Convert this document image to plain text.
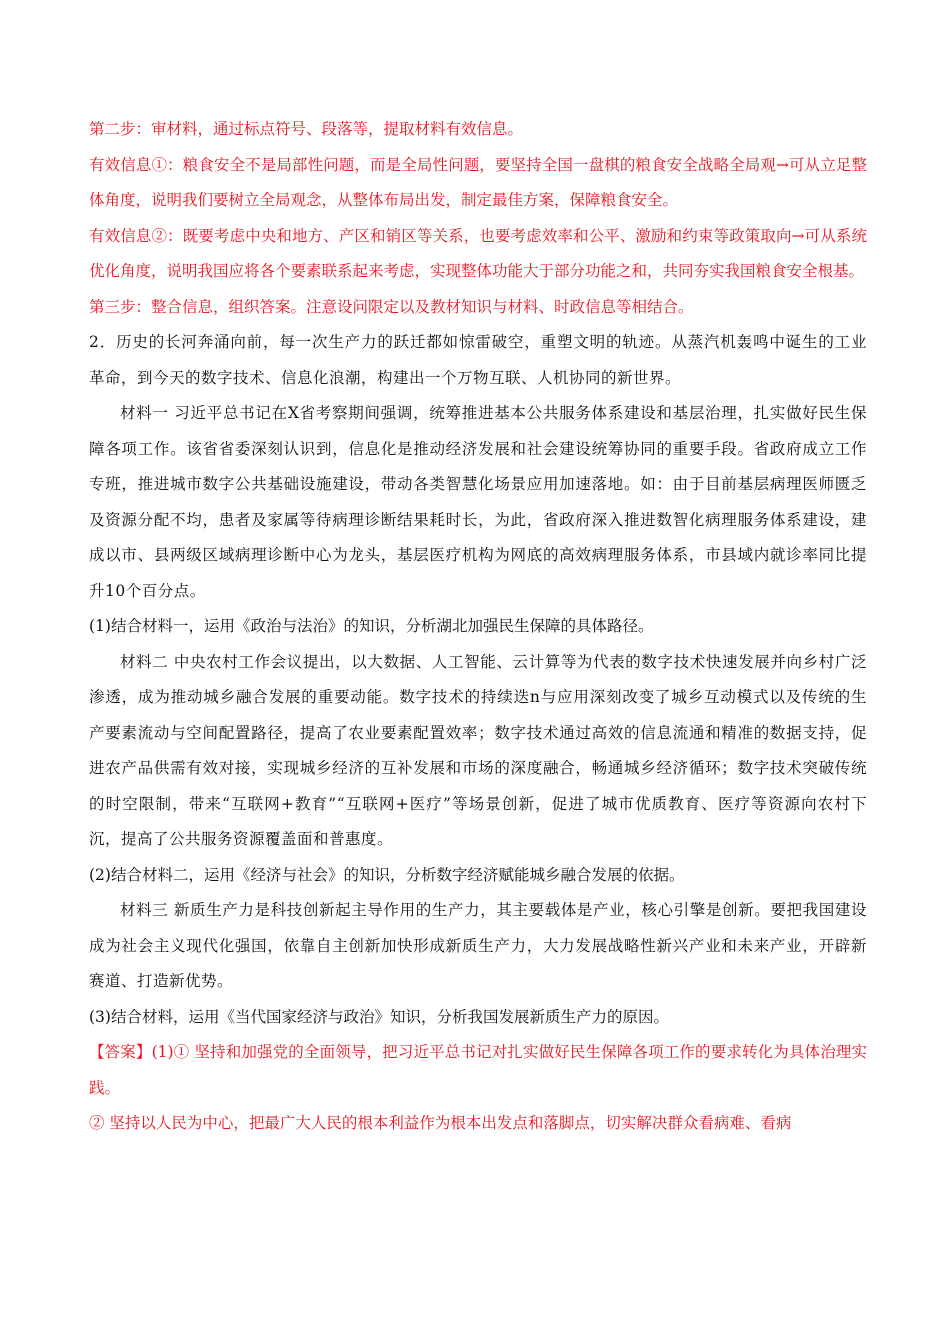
第二步：审材料，通过标点符号、段落等，提取材料有效信息。

有效信息①：粮食安全不是局部性问题，而是全局性问题，要坚持全国一盘棋的粮食安全战略全局观→可从立足整体角度，说明我们要树立全局观念，从整体布局出发，制定最佳方案，保障粮食安全。

有效信息②：既要考虑中央和地方、产区和销区等关系，也要考虑效率和公平、激励和约束等政策取向→可从系统优化角度，说明我国应将各个要素联系起来考虑，实现整体功能大于部分功能之和，共同夯实我国粮食安全根基。

第三步：整合信息，组织答案。注意设问限定以及教材知识与材料、时政信息等相结合。

2．历史的长河奔涌向前，每一次生产力的跃迁都如惊雷破空，重塑文明的轨迹。从蒸汽机轰鸣中诞生的工业革命，到今天的数字技术、信息化浪潮，构建出一个万物互联、人机协同的新世界。

材料一 习近平总书记在X省考察期间强调，统筹推进基本公共服务体系建设和基层治理，扎实做好民生保障各项工作。该省省委深刻认识到，信息化是推动经济发展和社会建设统筹协同的重要手段。省政府成立工作专班，推进城市数字公共基础设施建设，带动各类智慧化场景应用加速落地。如：由于目前基层病理医师匮乏及资源分配不均，患者及家属等待病理诊断结果耗时长，为此，省政府深入推进数智化病理服务体系建设，建成以市、县两级区域病理诊断中心为龙头，基层医疗机构为网底的高效病理服务体系，市县域内就诊率同比提升10个百分点。

(1)结合材料一，运用《政治与法治》的知识，分析湖北加强民生保障的具体路径。

材料二 中央农村工作会议提出，以大数据、人工智能、云计算等为代表的数字技术快速发展并向乡村广泛渗透，成为推动城乡融合发展的重要动能。数字技术的持续迭n与应用深刻改变了城乡互动模式以及传统的生产要素流动与空间配置路径，提高了农业要素配置效率；数字技术通过高效的信息流通和精准的数据支持，促进农产品供需有效对接，实现城乡经济的互补发展和市场的深度融合，畅通城乡经济循环；数字技术突破传统的时空限制，带来“互联网+教育”“互联网+医疗”等场景创新，促进了城市优质教育、医疗等资源向农村下沉，提高了公共服务资源覆盖面和普惠度。

(2)结合材料二，运用《经济与社会》的知识，分析数字经济赋能城乡融合发展的依据。

材料三 新质生产力是科技创新起主导作用的生产力，其主要载体是产业，核心引擎是创新。要把我国建设成为社会主义现代化强国，依靠自主创新加快形成新质生产力，大力发展战略性新兴产业和未来产业，开辟新赛道、打造新优势。

(3)结合材料，运用《当代国家经济与政治》知识，分析我国发展新质生产力的原因。

【答案】(1)① 坚持和加强党的全面领导，把习近平总书记对扎实做好民生保障各项工作的要求转化为具体治理实践。

② 坚持以人民为中心，把最广大人民的根本利益作为根本出发点和落脚点，切实解决群众看病难、看病
